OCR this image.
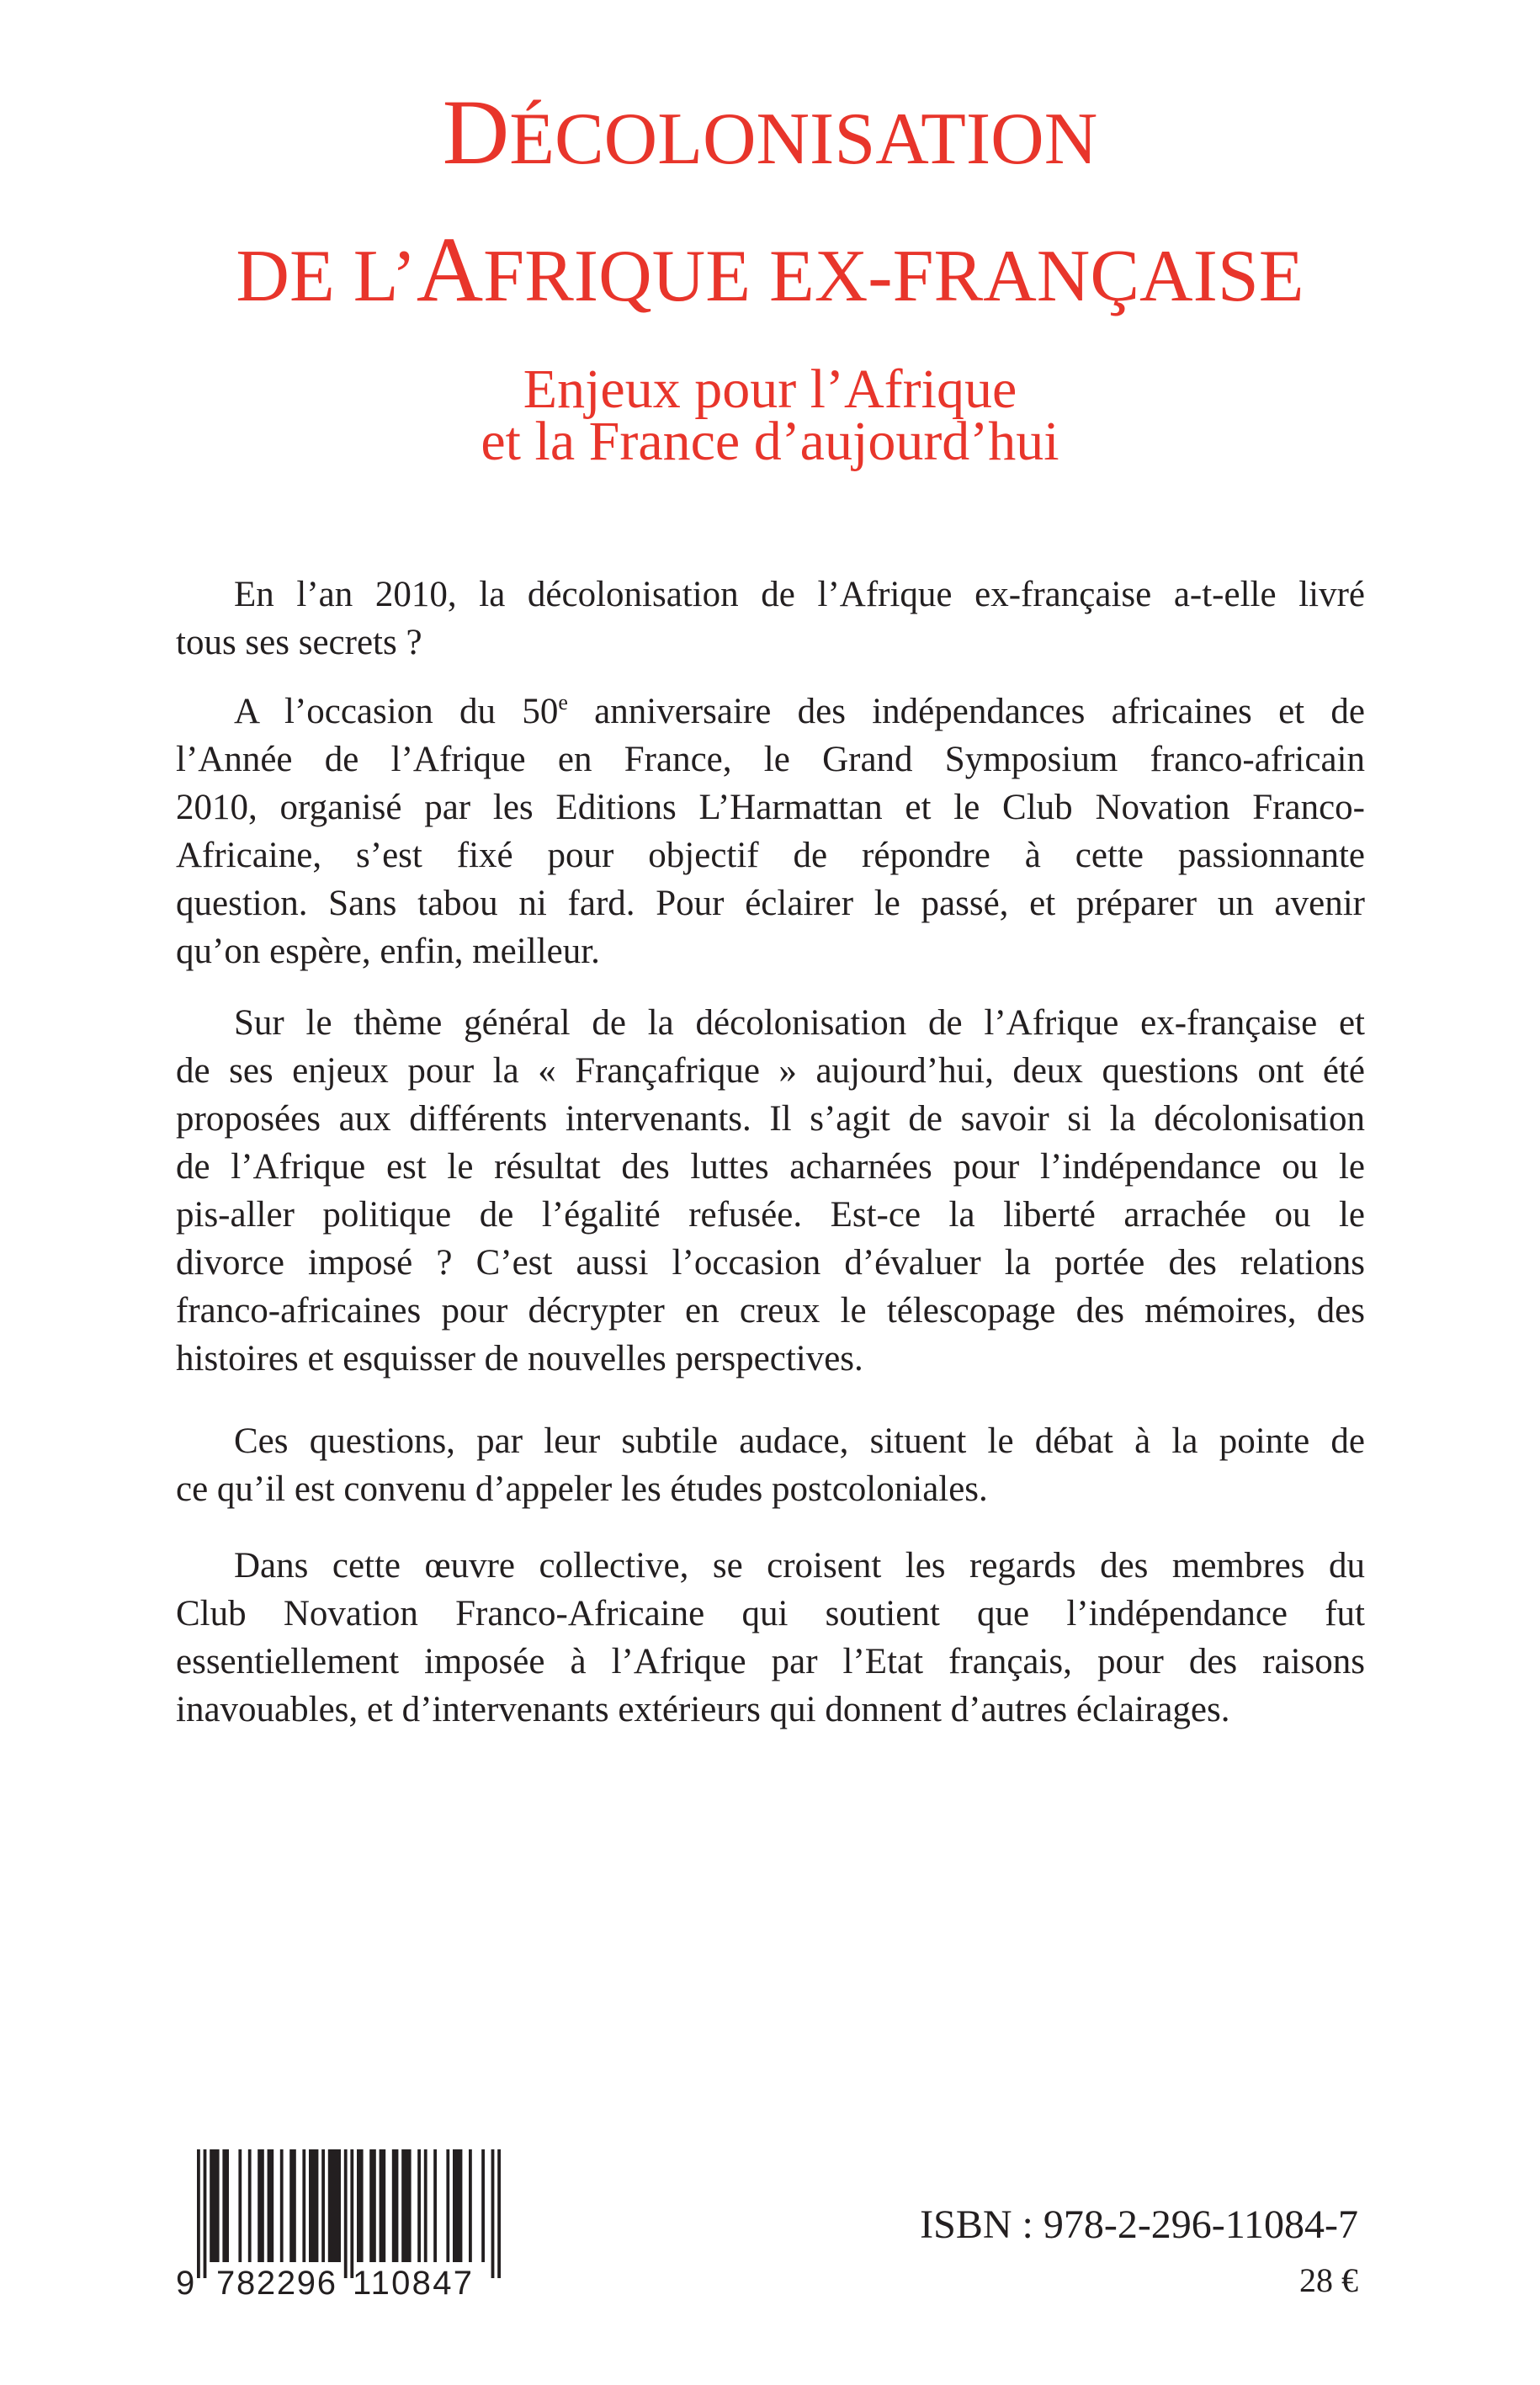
DÉCOLONISATION
DE L’AFRIQUE EX-FRANÇAISE
Enjeux pour l’Afrique
et la France d’aujourd’hui
En l’an 2010, la décolonisation de l’Afrique ex-française a-t-elle livré
tous ses secrets ?
A l’occasion du 50e anniversaire des indépendances africaines et de
l’Année de l’Afrique en France, le Grand Symposium franco-africain
2010, organisé par les Editions L’Harmattan et le Club Novation Franco-
Africaine, s’est fixé pour objectif de répondre à cette passionnante
question. Sans tabou ni fard. Pour éclairer le passé, et préparer un avenir
qu’on espère, enfin, meilleur.
Sur le thème général de la décolonisation de l’Afrique ex-française et
de ses enjeux pour la « Françafrique » aujourd’hui, deux questions ont été
proposées aux différents intervenants. Il s’agit de savoir si la décolonisation
de l’Afrique est le résultat des luttes acharnées pour l’indépendance ou le
pis-aller politique de l’égalité refusée. Est-ce la liberté arrachée ou le
divorce imposé ? C’est aussi l’occasion d’évaluer la portée des relations
franco-africaines pour décrypter en creux le télescopage des mémoires, des
histoires et esquisser de nouvelles perspectives.
Ces questions, par leur subtile audace, situent le débat à la pointe de
ce qu’il est convenu d’appeler les études postcoloniales.
Dans cette œuvre collective, se croisent les regards des membres du
Club Novation Franco-Africaine qui soutient que l’indépendance fut
essentiellement imposée à l’Afrique par l’Etat français, pour des raisons
inavouables, et d’intervenants extérieurs qui donnent d’autres éclairages.
9 782296 110847
ISBN : 978-2-296-11084-7
28 €
